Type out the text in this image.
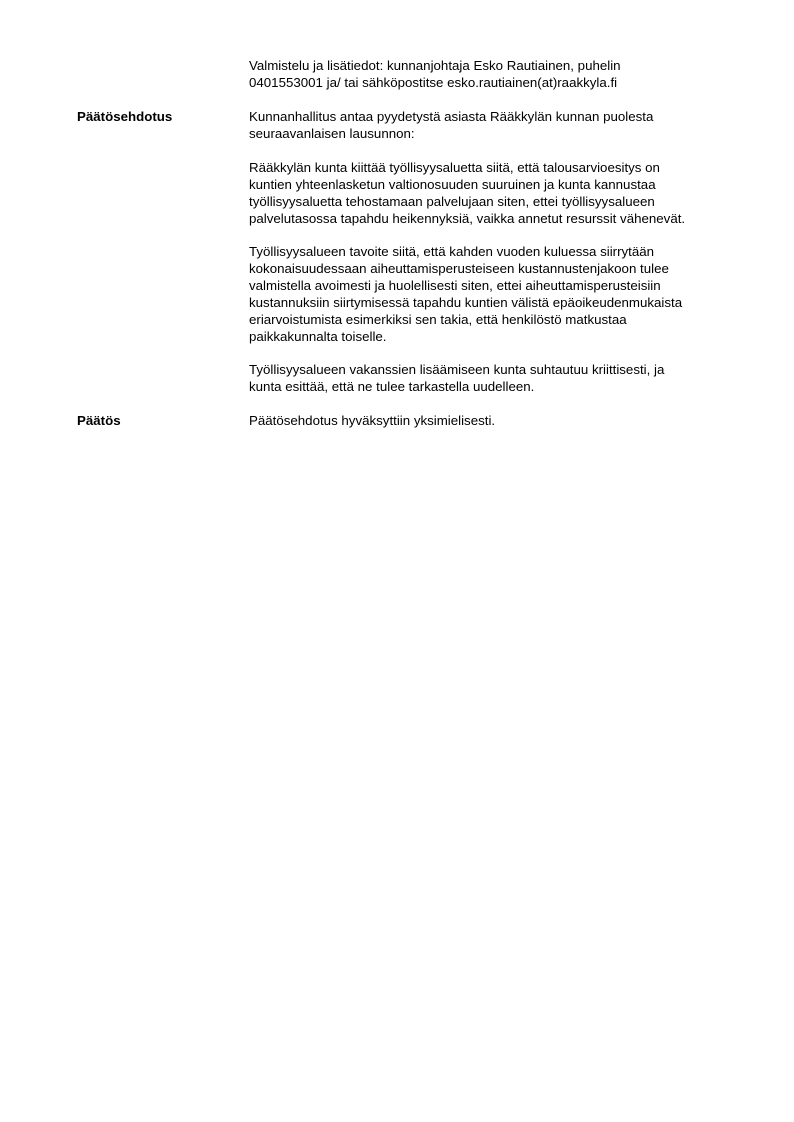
Valmistelu ja lisätiedot: kunnanjohtaja Esko Rautiainen, puhelin

0401553001 ja/ tai sähköpostitse esko.rautiainen(at)raakkyla.fi

Päätösehdotus	Kunnanhallitus antaa pyydetystä asiasta Rääkkylän kunnan puolesta

seuraavanlaisen lausunnon:

Rääkkylän kunta kiittää työllisyysaluetta siitä, että talousarvioesitys on

kuntien yhteenlasketun valtionosuuden suuruinen ja kunta kannustaa

työllisyysaluetta tehostamaan palvelujaan siten, ettei työllisyysalueen

palvelutasossa tapahdu heikennyksiä, vaikka annetut resurssit vähenevät.

Työllisyysalueen tavoite siitä, että kahden vuoden kuluessa siirrytään

kokonaisuudessaan aiheuttamisperusteiseen kustannustenjakoon tulee

valmistella avoimesti ja huolellisesti siten, ettei aiheuttamisperusteisiin

kustannuksiin siirtymisessä tapahdu kuntien välistä epäoikeudenmukaista

eriarvoistumista esimerkiksi sen takia, että henkilöstö matkustaa

paikkakunnalta toiselle.

Työllisyysalueen vakanssien lisäämiseen kunta suhtautuu kriittisesti, ja

kunta esittää, että ne tulee tarkastella uudelleen.

Päätös	Päätösehdotus hyväksyttiin yksimielisesti.
